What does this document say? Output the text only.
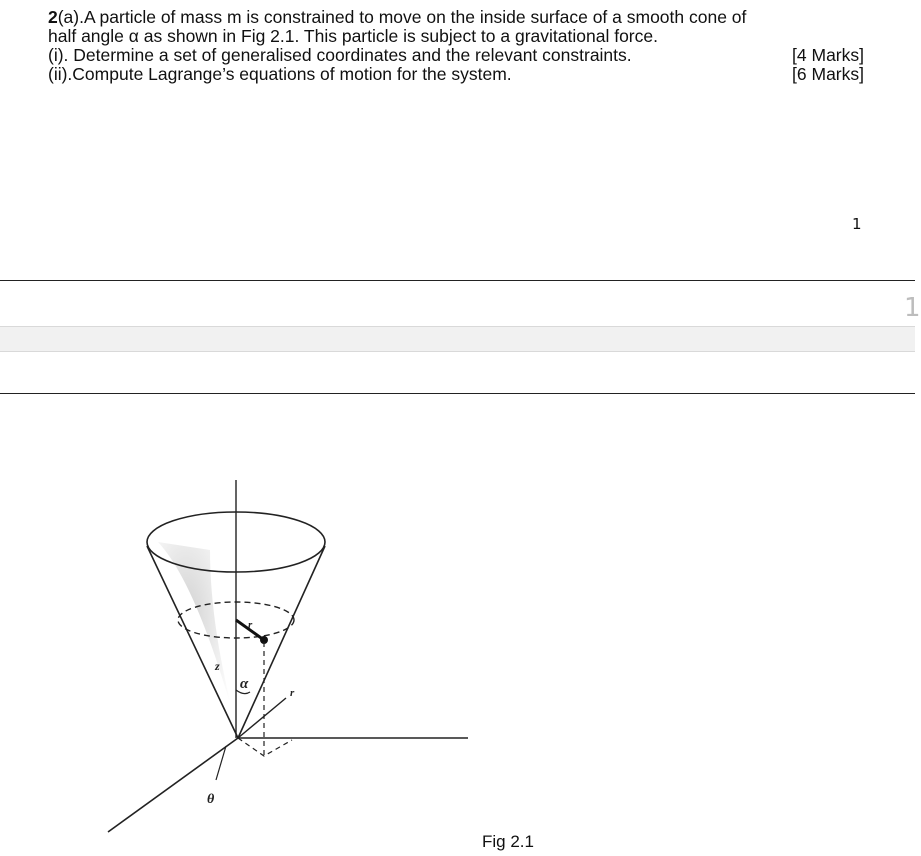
2(a).A particle of mass m is constrained to move on the inside surface of a smooth cone of
half angle α as shown in Fig 2.1. This particle is subject to a gravitational force.
(i). Determine a set of generalised coordinates and the relevant constraints.	[4 Marks]
(ii).Compute Lagrange’s equations of motion for the system.	[6 Marks]
1
1
r
z
α
r
θ
Fig 2.1
